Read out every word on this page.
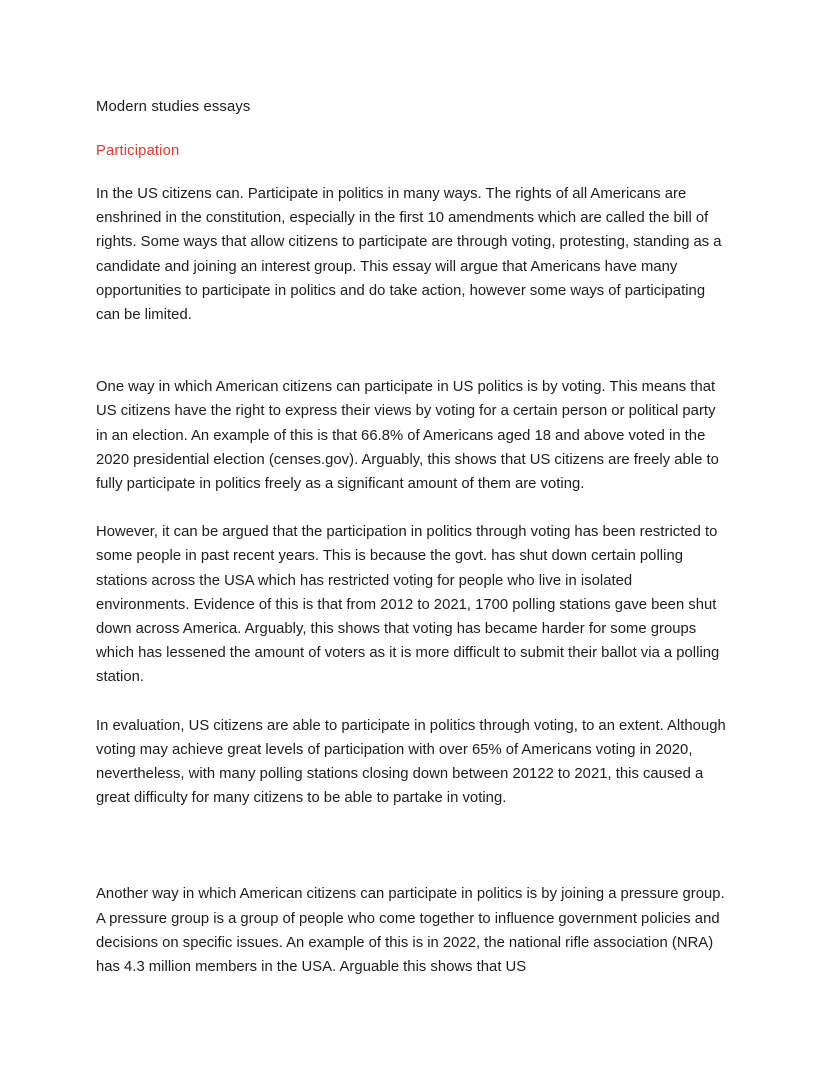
Modern studies essays

Participation

In the US citizens can. Participate in politics in many ways. The rights of all Americans are enshrined in the constitution, especially in the first 10 amendments which are called the bill of rights. Some ways that allow citizens to participate are through voting, protesting, standing as a candidate and joining an interest group. This essay will argue that Americans have many opportunities to participate in politics and do take action, however some ways of participating can be limited.

One way in which American citizens can participate in US politics is by voting. This means that US citizens have the right to express their views by voting for a certain person or political party in an election. An example of this is that 66.8% of Americans aged 18 and above voted in the 2020 presidential election (censes.gov). Arguably, this shows that US citizens are freely able to fully participate in politics freely as a significant amount of them are voting.

However, it can be argued that the participation in politics through voting has been restricted to some people in past recent years. This is because the govt. has shut down certain polling stations across the USA which has restricted voting for people who live in isolated environments. Evidence of this is that from 2012 to 2021, 1700 polling stations gave been shut down across America. Arguably, this shows that voting has became harder for some groups which has lessened the amount of voters as it is more difficult to submit their ballot via a polling station.

In evaluation, US citizens are able to participate in politics through voting, to an extent. Although voting may achieve great levels of participation with over 65% of Americans voting in 2020, nevertheless, with many polling stations closing down between 20122 to 2021, this caused a great difficulty for many citizens to be able to partake in voting.

Another way in which American citizens can participate in politics is by joining a pressure group. A pressure group is a group of people who come together to influence government policies and decisions on specific issues. An example of this is in 2022, the national rifle association (NRA) has 4.3 million members in the USA. Arguable this shows that US
